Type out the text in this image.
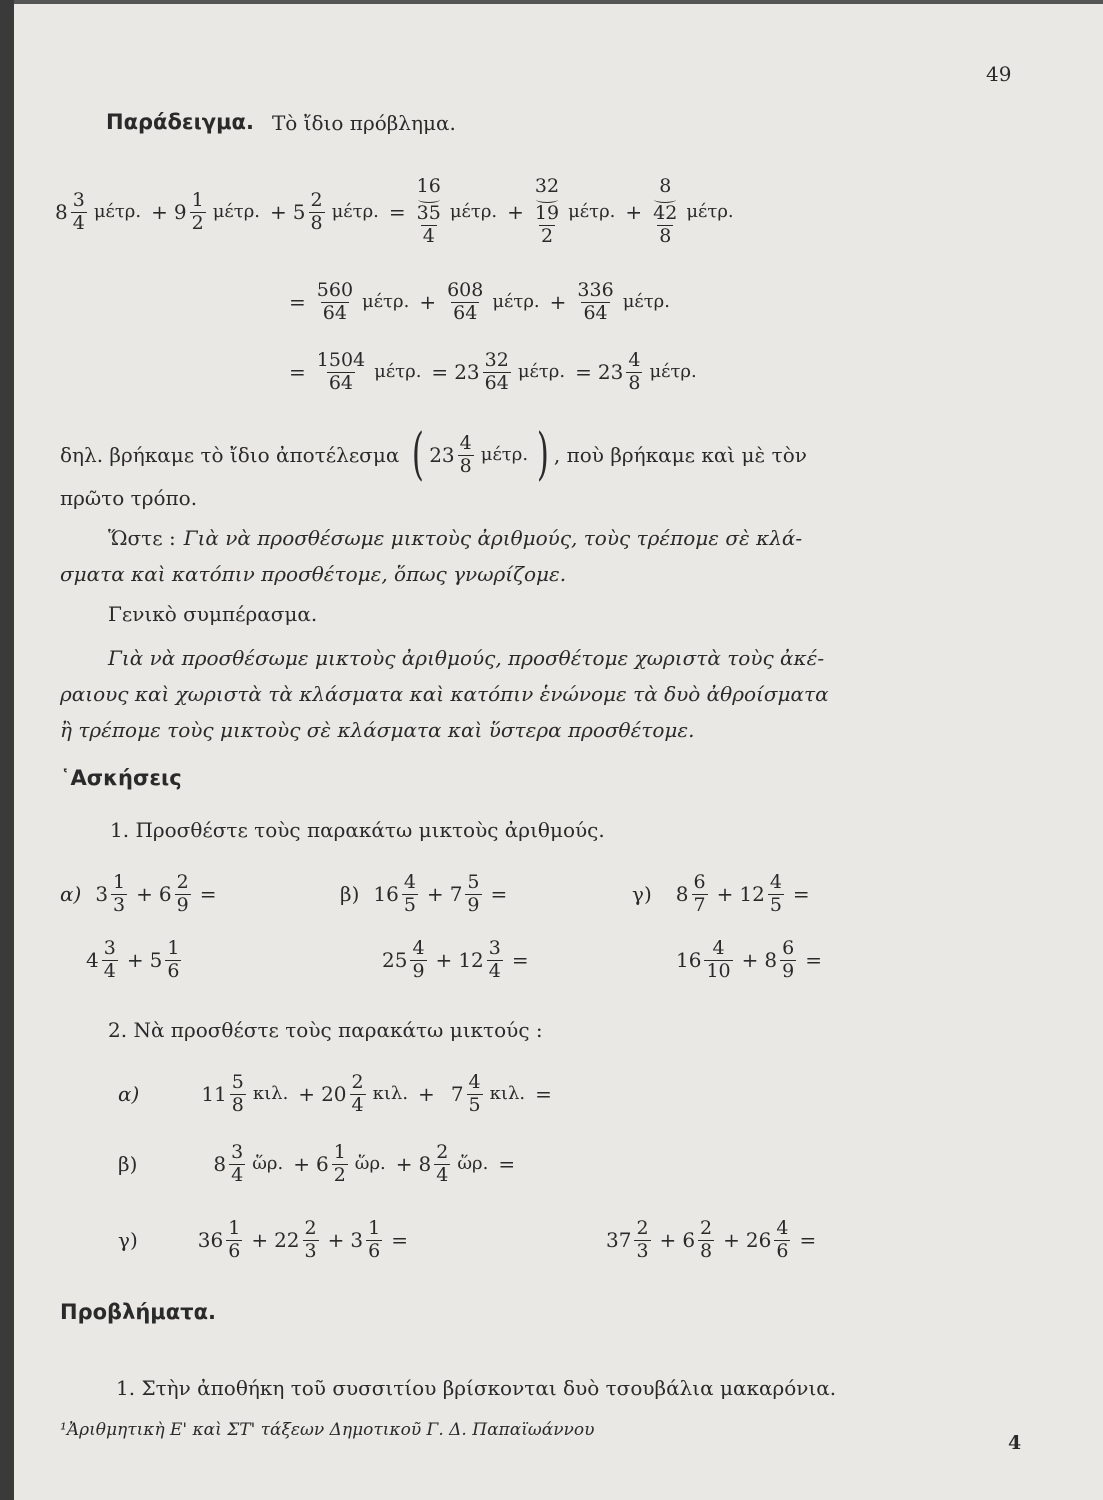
49
Παράδειγμα. Τὸ ἴδιο πρόβλημα.
$8 \frac{3}{4} \mu έ\tau\rho$. + $9 \frac{1}{2} \mu έ\tau\rho$. + $5 \frac{2}{8} \mu έ\tau\rho$. =
16
$\frac{35}{4} \mu έ\tau\rho$. +
32
$\frac{19}{2} \mu έ\tau\rho$. +
8
$\frac{42}{8} \mu έ\tau\rho$.
= $\frac{560}{64} \mu έ\tau\rho$. + $\frac{608}{64} \mu έ\tau\rho$. + $\frac{336}{64} \mu έ\tau\rho$.
= $\frac{1504}{64} \mu έ\tau\rho$. = $23 \frac{32}{64} \mu έ\tau\rho$. = $23 \frac{4}{8} \mu έ\tau\rho$.
δηλ. βρήκαμε τὸ ἴδιο ἀποτέλεσμα ( $23 \frac{4}{8} \mu έ\tau\rho$. ) , ποὺ βρήκαμε καὶ μὲ τὸν
πρῶτο τρόπο.
Ὥστε : Γιὰ νὰ προσθέσωμε μικτοὺς ἀριθμούς, τοὺς τρέπομε σὲ κλά-
σματα καὶ κατόπιν προσθέτομε, ὅπως γνωρίζομε.
Γενικὸ συμπέρασμα.
Γιὰ νὰ προσθέσωμε μικτοὺς ἀριθμούς, προσθέτομε χωριστὰ τοὺς ἀκέ-
ραιους καὶ χωριστὰ τὰ κλάσματα καὶ κατόπιν ἑνώνομε τὰ δυὸ ἀθροίσματα
ἢ τρέπομε τοὺς μικτοὺς σὲ κλάσματα καὶ ὕστερα προσθέτομε.
῾Ασκήσεις
1. Προσθέστε τοὺς παρακάτω μικτοὺς ἀριθμούς.
α) $3 \frac{1}{3} + 6 \frac{2}{9}$ =	β) $16 \frac{4}{5} + 7 \frac{5}{9}$ =	γ) $8 \frac{6}{7} + 12 \frac{4}{5}$ =
$4 \frac{3}{4} + 5 \frac{1}{6}$	$25 \frac{4}{9} + 12 \frac{3}{4}$ =	$16 \frac{4}{10} + 8 \frac{6}{9}$ =
2. Νὰ προσθέστε τοὺς παρακάτω μικτούς :
α)	$11 \frac{5}{8} \kappa\iota\lambda$. + $20 \frac{2}{4} \kappa\iota\lambda$. + $7 \frac{4}{5} \kappa\iota\lambda$. =
β)	$8 \frac{3}{4}$ ὥρ. + $6 \frac{1}{2}$ ὥρ. + $8 \frac{2}{4}$ ὥρ. =
γ)	$36 \frac{1}{6} + 22 \frac{2}{3} + 3 \frac{1}{6}$ =	$37 \frac{2}{3} + 6 \frac{2}{8} + 26 \frac{4}{6}$ =
Προβλήματα.
1. Στὴν ἀποθήκη τοῦ συσσιτίου βρίσκονται δυὸ τσουβάλια μακαρόνια.
¹Ἀριθμητικὴ Ε' καὶ ΣΤ' τάξεων Δημοτικοῦ Γ. Δ. Παπαϊωάννου
4
